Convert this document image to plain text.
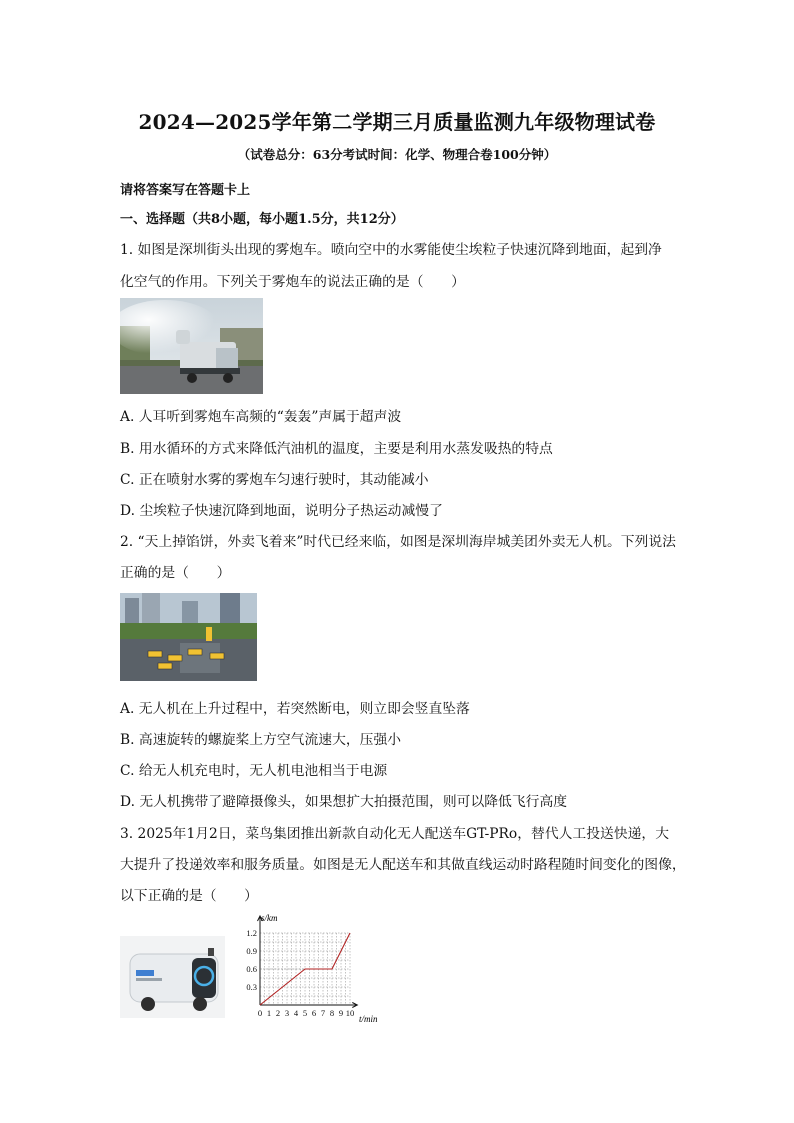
2024—2025学年第二学期三月质量监测九年级物理试卷
（试卷总分：63分考试时间：化学、物理合卷100分钟）
请将答案写在答题卡上
一、选择题（共8小题，每小题1.5分，共12分）
1. 如图是深圳街头出现的雾炮车。喷向空中的水雾能使尘埃粒子快速沉降到地面，起到净
化空气的作用。下列关于雾炮车的说法正确的是（　　）
A. 人耳听到雾炮车高频的“轰轰”声属于超声波
B. 用水循环的方式来降低汽油机的温度，主要是利用水蒸发吸热的特点
C. 正在喷射水雾的雾炮车匀速行驶时，其动能减小
D. 尘埃粒子快速沉降到地面，说明分子热运动减慢了
2. “天上掉馅饼，外卖飞着来”时代已经来临，如图是深圳海岸城美团外卖无人机。下列说法
正确的是（　　）
A. 无人机在上升过程中，若突然断电，则立即会竖直坠落
B. 高速旋转的螺旋桨上方空气流速大，压强小
C. 给无人机充电时，无人机电池相当于电源
D. 无人机携带了避障摄像头，如果想扩大拍摄范围，则可以降低飞行高度
3. 2025年1月2日，菜鸟集团推出新款自动化无人配送车GT-PRo，替代人工投送快递，大
大提升了投递效率和服务质量。如图是无人配送车和其做直线运动时路程随时间变化的图像，
以下正确的是（　　）
0.3
0.6
0.9
1.2
0 1 2 3 4 5 6 7 8 9 10
s/km
t/min
